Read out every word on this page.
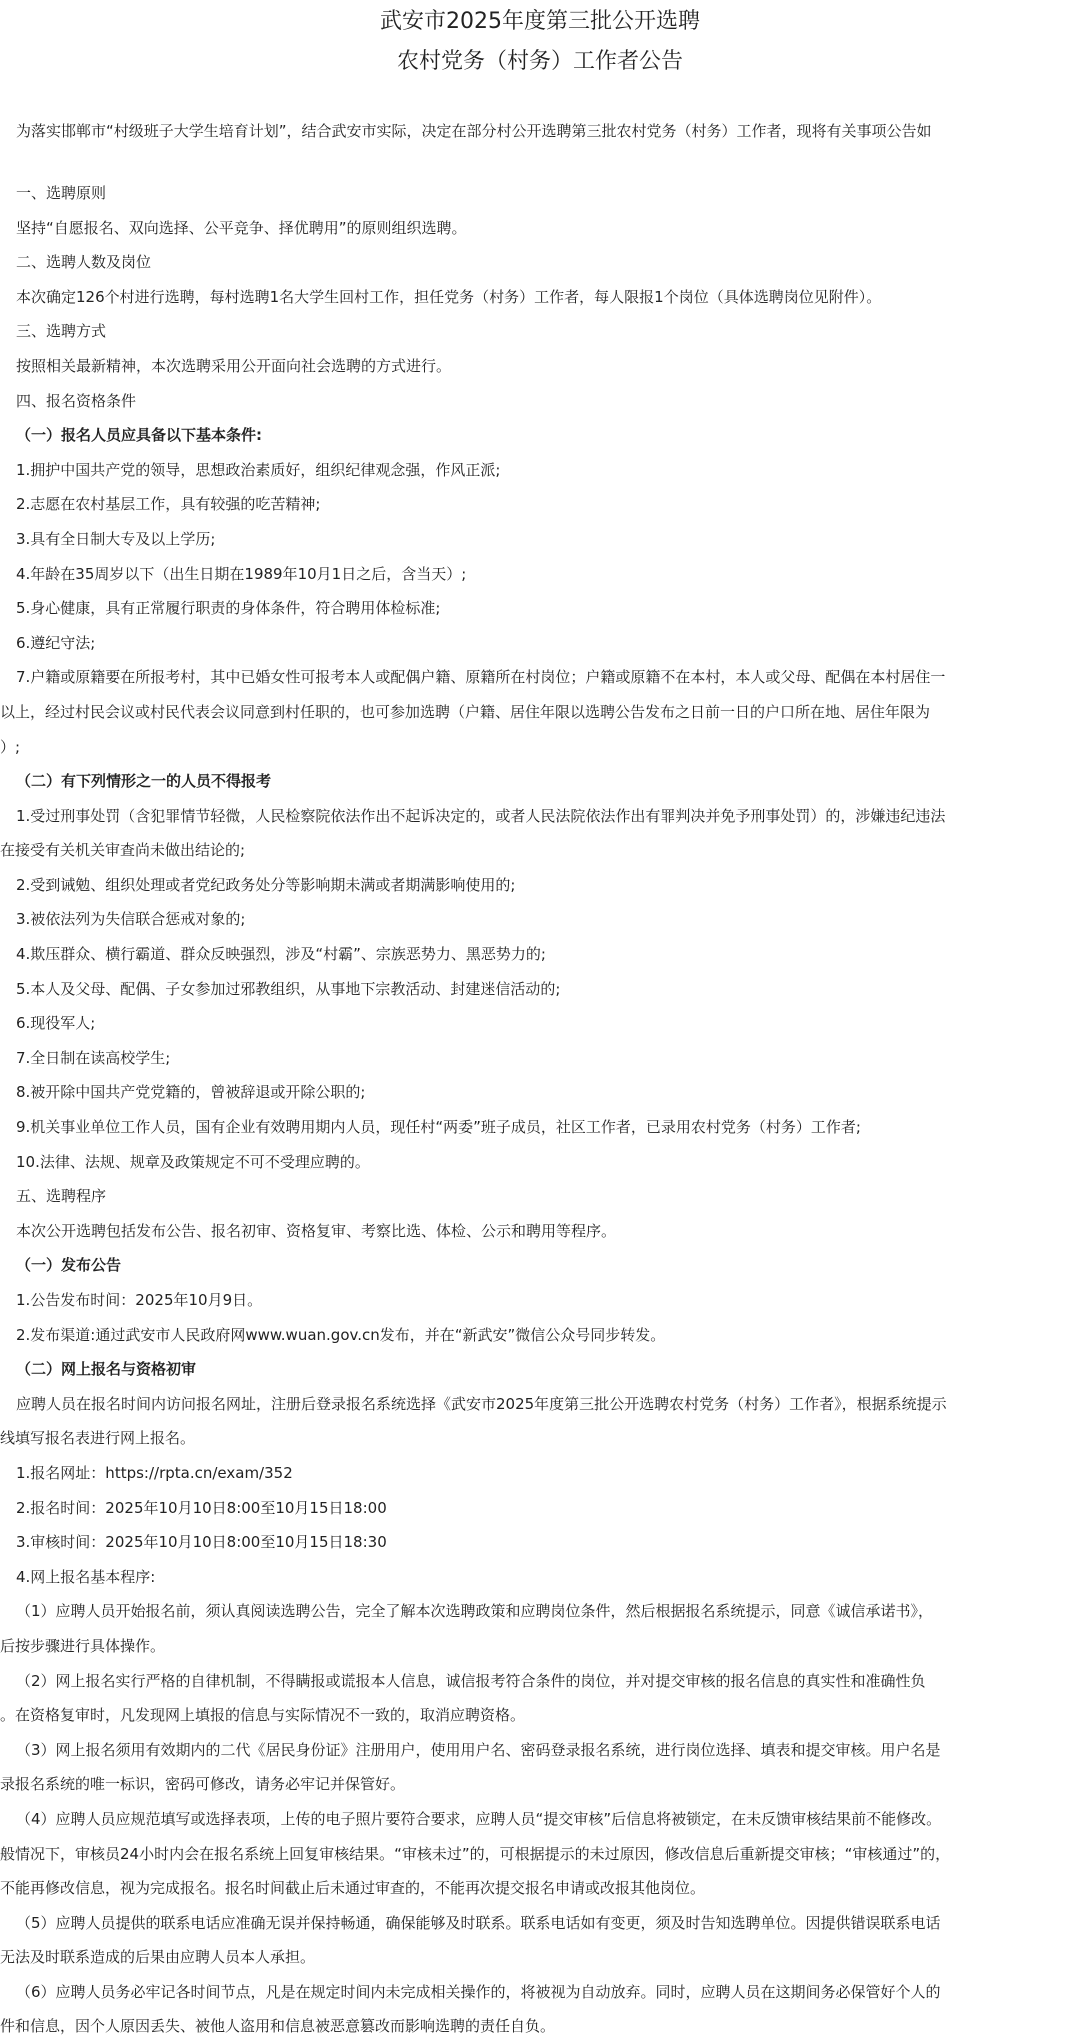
武安市2025年度第三批公开选聘
农村党务（村务）工作者公告
为落实邯郸市“村级班子大学生培育计划”，结合武安市实际，决定在部分村公开选聘第三批农村党务（村务）工作者，现将有关事项公告如
一、选聘原则
坚持“自愿报名、双向选择、公平竞争、择优聘用”的原则组织选聘。
二、选聘人数及岗位
本次确定126个村进行选聘，每村选聘1名大学生回村工作，担任党务（村务）工作者，每人限报1个岗位（具体选聘岗位见附件）。
三、选聘方式
按照相关最新精神，本次选聘采用公开面向社会选聘的方式进行。
四、报名资格条件
（一）报名人员应具备以下基本条件:
1.拥护中国共产党的领导，思想政治素质好，组织纪律观念强，作风正派;
2.志愿在农村基层工作，具有较强的吃苦精神;
3.具有全日制大专及以上学历;
4.年龄在35周岁以下（出生日期在1989年10月1日之后，含当天）;
5.身心健康，具有正常履行职责的身体条件，符合聘用体检标准;
6.遵纪守法;
7.户籍或原籍要在所报考村，其中已婚女性可报考本人或配偶户籍、原籍所在村岗位；户籍或原籍不在本村，本人或父母、配偶在本村居住一
以上，经过村民会议或村民代表会议同意到村任职的，也可参加选聘（户籍、居住年限以选聘公告发布之日前一日的户口所在地、居住年限为
）;
（二）有下列情形之一的人员不得报考
1.受过刑事处罚（含犯罪情节轻微，人民检察院依法作出不起诉决定的，或者人民法院依法作出有罪判决并免予刑事处罚）的，涉嫌违纪违法
在接受有关机关审查尚未做出结论的;
2.受到诫勉、组织处理或者党纪政务处分等影响期未满或者期满影响使用的;
3.被依法列为失信联合惩戒对象的;
4.欺压群众、横行霸道、群众反映强烈，涉及“村霸”、宗族恶势力、黑恶势力的;
5.本人及父母、配偶、子女参加过邪教组织，从事地下宗教活动、封建迷信活动的;
6.现役军人;
7.全日制在读高校学生;
8.被开除中国共产党党籍的，曾被辞退或开除公职的;
9.机关事业单位工作人员，国有企业有效聘用期内人员，现任村“两委”班子成员，社区工作者，已录用农村党务（村务）工作者;
10.法律、法规、规章及政策规定不可不受理应聘的。
五、选聘程序
本次公开选聘包括发布公告、报名初审、资格复审、考察比选、体检、公示和聘用等程序。
（一）发布公告
1.公告发布时间：2025年10月9日。
2.发布渠道:通过武安市人民政府网www.wuan.gov.cn发布，并在“新武安”微信公众号同步转发。
（二）网上报名与资格初审
应聘人员在报名时间内访问报名网址，注册后登录报名系统选择《武安市2025年度第三批公开选聘农村党务（村务）工作者》，根据系统提示
线填写报名表进行网上报名。
1.报名网址：https://rpta.cn/exam/352
2.报名时间：2025年10月10日8:00至10月15日18:00
3.审核时间：2025年10月10日8:00至10月15日18:30
4.网上报名基本程序:
（1）应聘人员开始报名前，须认真阅读选聘公告，完全了解本次选聘政策和应聘岗位条件，然后根据报名系统提示，同意《诚信承诺书》，
后按步骤进行具体操作。
（2）网上报名实行严格的自律机制，不得瞒报或谎报本人信息，诚信报考符合条件的岗位，并对提交审核的报名信息的真实性和准确性负
。在资格复审时，凡发现网上填报的信息与实际情况不一致的，取消应聘资格。
（3）网上报名须用有效期内的二代《居民身份证》注册用户，使用用户名、密码登录报名系统，进行岗位选择、填表和提交审核。用户名是
录报名系统的唯一标识，密码可修改，请务必牢记并保管好。
（4）应聘人员应规范填写或选择表项，上传的电子照片要符合要求，应聘人员“提交审核”后信息将被锁定，在未反馈审核结果前不能修改。
般情况下，审核员24小时内会在报名系统上回复审核结果。“审核未过”的，可根据提示的未过原因，修改信息后重新提交审核；“审核通过”的，
不能再修改信息，视为完成报名。报名时间截止后未通过审查的，不能再次提交报名申请或改报其他岗位。
（5）应聘人员提供的联系电话应准确无误并保持畅通，确保能够及时联系。联系电话如有变更，须及时告知选聘单位。因提供错误联系电话
无法及时联系造成的后果由应聘人员本人承担。
（6）应聘人员务必牢记各时间节点，凡是在规定时间内未完成相关操作的，将被视为自动放弃。同时，应聘人员在这期间务必保管好个人的
件和信息，因个人原因丢失、被他人盗用和信息被恶意篡改而影响选聘的责任自负。
